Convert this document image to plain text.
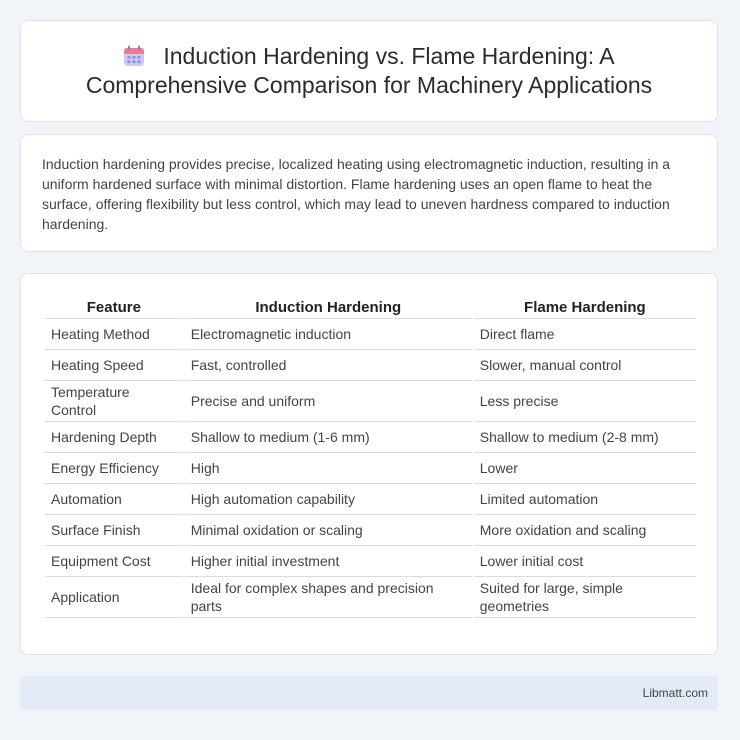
Induction Hardening vs. Flame Hardening: A Comprehensive Comparison for Machinery Applications

Induction hardening provides precise, localized heating using electromagnetic induction, resulting in a uniform hardened surface with minimal distortion. Flame hardening uses an open flame to heat the surface, offering flexibility but less control, which may lead to uneven hardness compared to induction hardening.

Feature	Induction Hardening	Flame Hardening
Heating Method	Electromagnetic induction	Direct flame
Heating Speed	Fast, controlled	Slower, manual control
Temperature Control	Precise and uniform	Less precise
Hardening Depth	Shallow to medium (1-6 mm)	Shallow to medium (2-8 mm)
Energy Efficiency	High	Lower
Automation	High automation capability	Limited automation
Surface Finish	Minimal oxidation or scaling	More oxidation and scaling
Equipment Cost	Higher initial investment	Lower initial cost
Application	Ideal for complex shapes and precision parts	Suited for large, simple geometries
Libmatt.com
